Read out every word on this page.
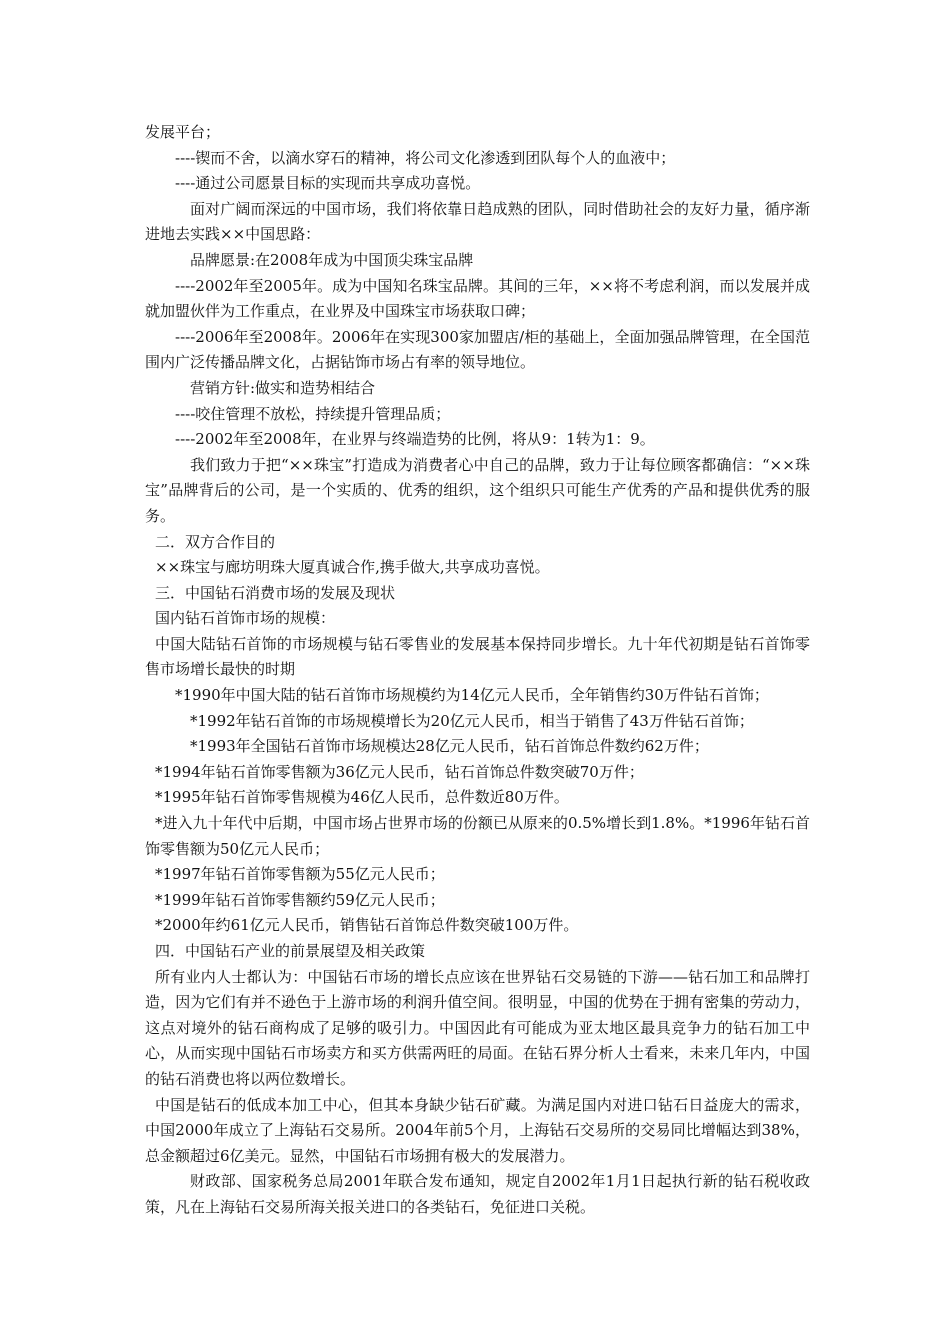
发展平台；

----锲而不舍，以滴水穿石的精神，将公司文化渗透到团队每个人的血液中；

----通过公司愿景目标的实现而共享成功喜悦。

面对广阔而深远的中国市场，我们将依靠日趋成熟的团队，同时借助社会的友好力量，循序渐进地去实践××中国思路：

品牌愿景:在2008年成为中国顶尖珠宝品牌

----2002年至2005年。成为中国知名珠宝品牌。其间的三年，××将不考虑利润，而以发展并成就加盟伙伴为工作重点，在业界及中国珠宝市场获取口碑；

----2006年至2008年。2006年在实现300家加盟店/柜的基础上，全面加强品牌管理，在全国范围内广泛传播品牌文化，占据钻饰市场占有率的领导地位。

营销方针:做实和造势相结合

----咬住管理不放松，持续提升管理品质；

----2002年至2008年，在业界与终端造势的比例，将从9：1转为1：9。

我们致力于把“××珠宝”打造成为消费者心中自己的品牌，致力于让每位顾客都确信：“××珠宝”品牌背后的公司，是一个实质的、优秀的组织，这个组织只可能生产优秀的产品和提供优秀的服务。

二．双方合作目的

××珠宝与廊坊明珠大厦真诚合作,携手做大,共享成功喜悦。

三．中国钻石消费市场的发展及现状

国内钻石首饰市场的规模：

中国大陆钻石首饰的市场规模与钻石零售业的发展基本保持同步增长。九十年代初期是钻石首饰零售市场增长最快的时期

*1990年中国大陆的钻石首饰市场规模约为14亿元人民币，全年销售约30万件钻石首饰；

*1992年钻石首饰的市场规模增长为20亿元人民币，相当于销售了43万件钻石首饰；

*1993年全国钻石首饰市场规模达28亿元人民币，钻石首饰总件数约62万件；

*1994年钻石首饰零售额为36亿元人民币，钻石首饰总件数突破70万件；

*1995年钻石首饰零售规模为46亿人民币，总件数近80万件。

*进入九十年代中后期，中国市场占世界市场的份额已从原来的0.5%增长到1.8%。*1996年钻石首饰零售额为50亿元人民币；

*1997年钻石首饰零售额为55亿元人民币；

*1999年钻石首饰零售额约59亿元人民币；

*2000年约61亿元人民币，销售钻石首饰总件数突破100万件。

四．中国钻石产业的前景展望及相关政策

所有业内人士都认为：中国钻石市场的增长点应该在世界钻石交易链的下游——钻石加工和品牌打造，因为它们有并不逊色于上游市场的利润升值空间。很明显，中国的优势在于拥有密集的劳动力，这点对境外的钻石商构成了足够的吸引力。中国因此有可能成为亚太地区最具竞争力的钻石加工中心，从而实现中国钻石市场卖方和买方供需两旺的局面。在钻石界分析人士看来，未来几年内，中国的钻石消费也将以两位数增长。

中国是钻石的低成本加工中心，但其本身缺少钻石矿藏。为满足国内对进口钻石日益庞大的需求，中国2000年成立了上海钻石交易所。2004年前5个月，上海钻石交易所的交易同比增幅达到38%，总金额超过6亿美元。显然，中国钻石市场拥有极大的发展潜力。

财政部、国家税务总局2001年联合发布通知，规定自2002年1月1日起执行新的钻石税收政策，凡在上海钻石交易所海关报关进口的各类钻石，免征进口关税。
